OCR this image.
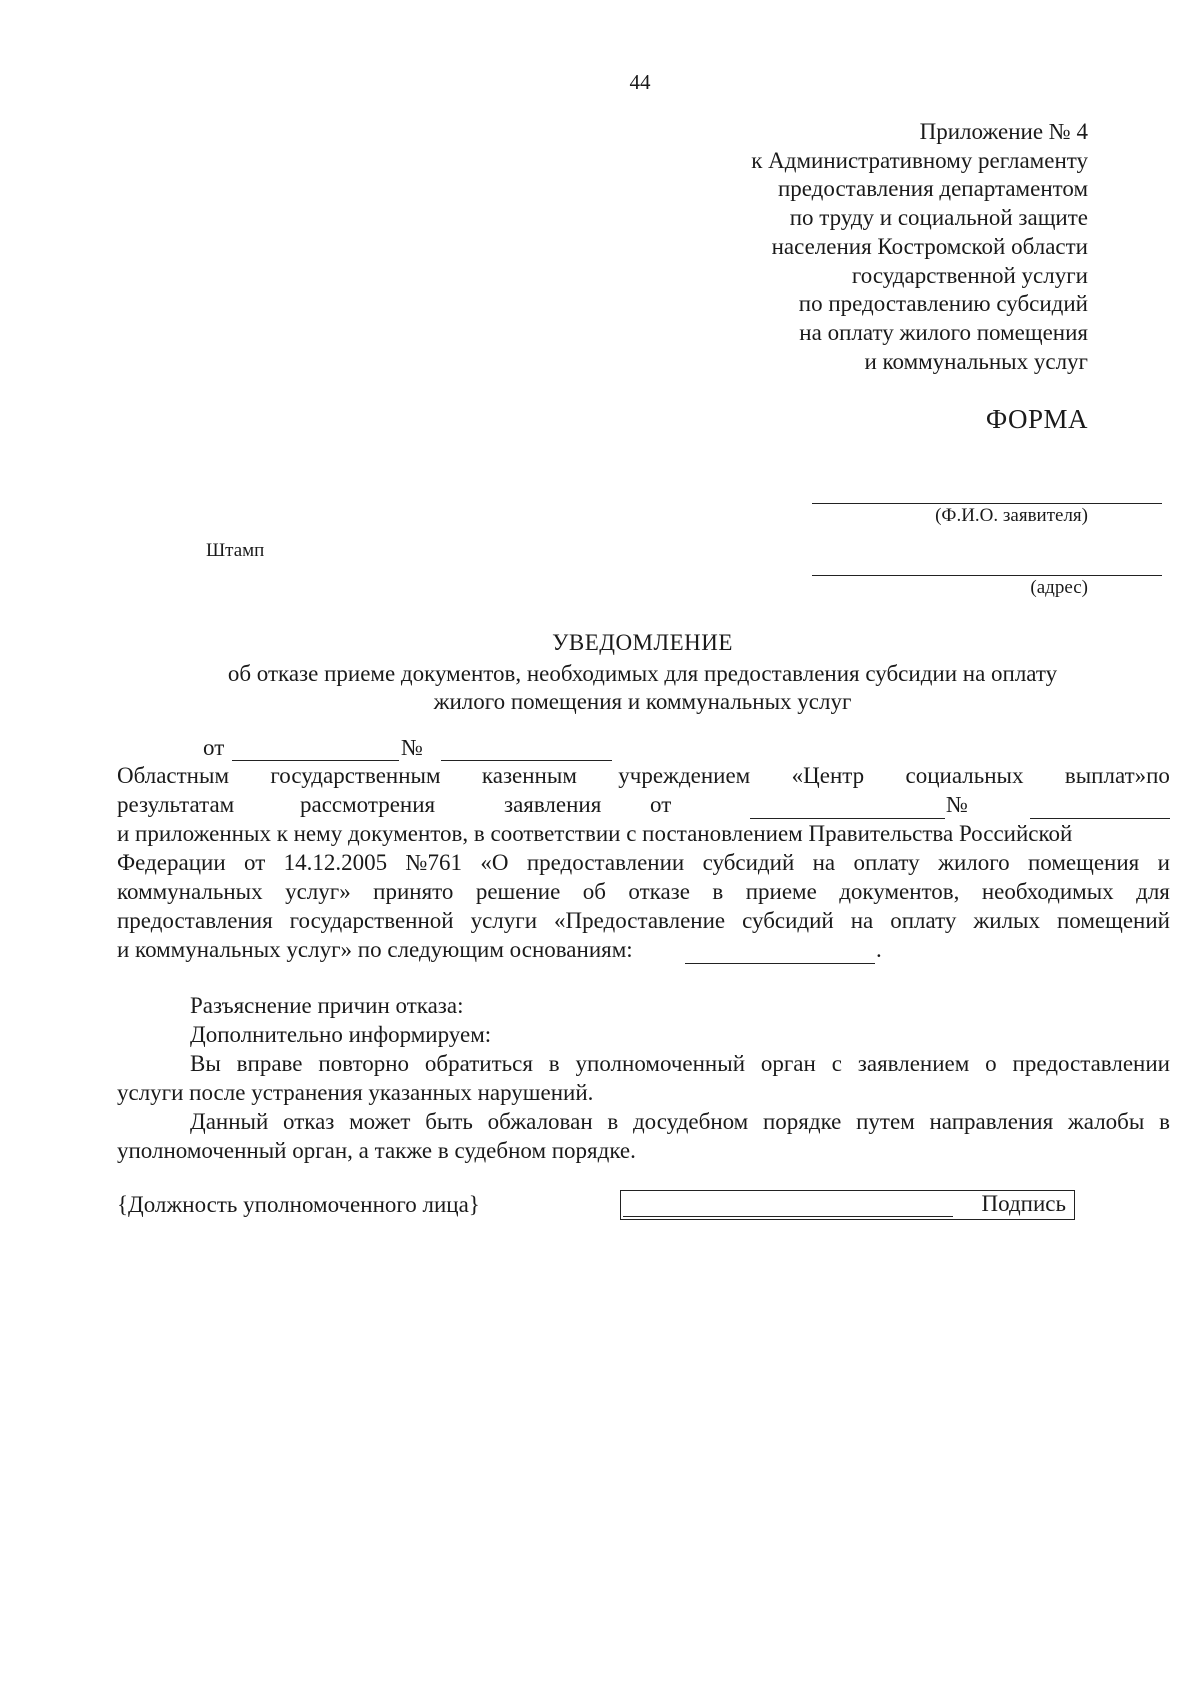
44
Приложение № 4
к Административному регламенту
предоставления департаментом
по труду и социальной защите
населения Костромской области
государственной услуги
по предоставлению субсидий
на оплату жилого помещения
и коммунальных услуг
ФОРМА
(Ф.И.О. заявителя)
Штамп
(адрес)
УВЕДОМЛЕНИЕ
об отказе приеме документов, необходимых для предоставления субсидии на оплату
жилого помещения и коммунальных услуг
от	№
Областным государственным казенным учреждением «Центр социальных выплат»по
результатам	рассмотрения	заявления от	№
и приложенных к нему документов, в соответствии с постановлением Правительства Российской
Федерации от 14.12.2005 №761 «О предоставлении субсидий на оплату жилого помещения и
коммунальных услуг» принято решение об отказе в приеме документов, необходимых для
предоставления государственной услуги «Предоставление субсидий на оплату жилых помещений
и коммунальных услуг» по следующим основаниям:	.
Разъяснение причин отказа:
Дополнительно информируем:
Вы вправе повторно обратиться в уполномоченный орган с заявлением о предоставлении
услуги после устранения указанных нарушений.
Данный отказ может быть обжалован в досудебном порядке путем направления жалобы в
уполномоченный орган, а также в судебном порядке.
{Должность уполномоченного лица}	Подпись
